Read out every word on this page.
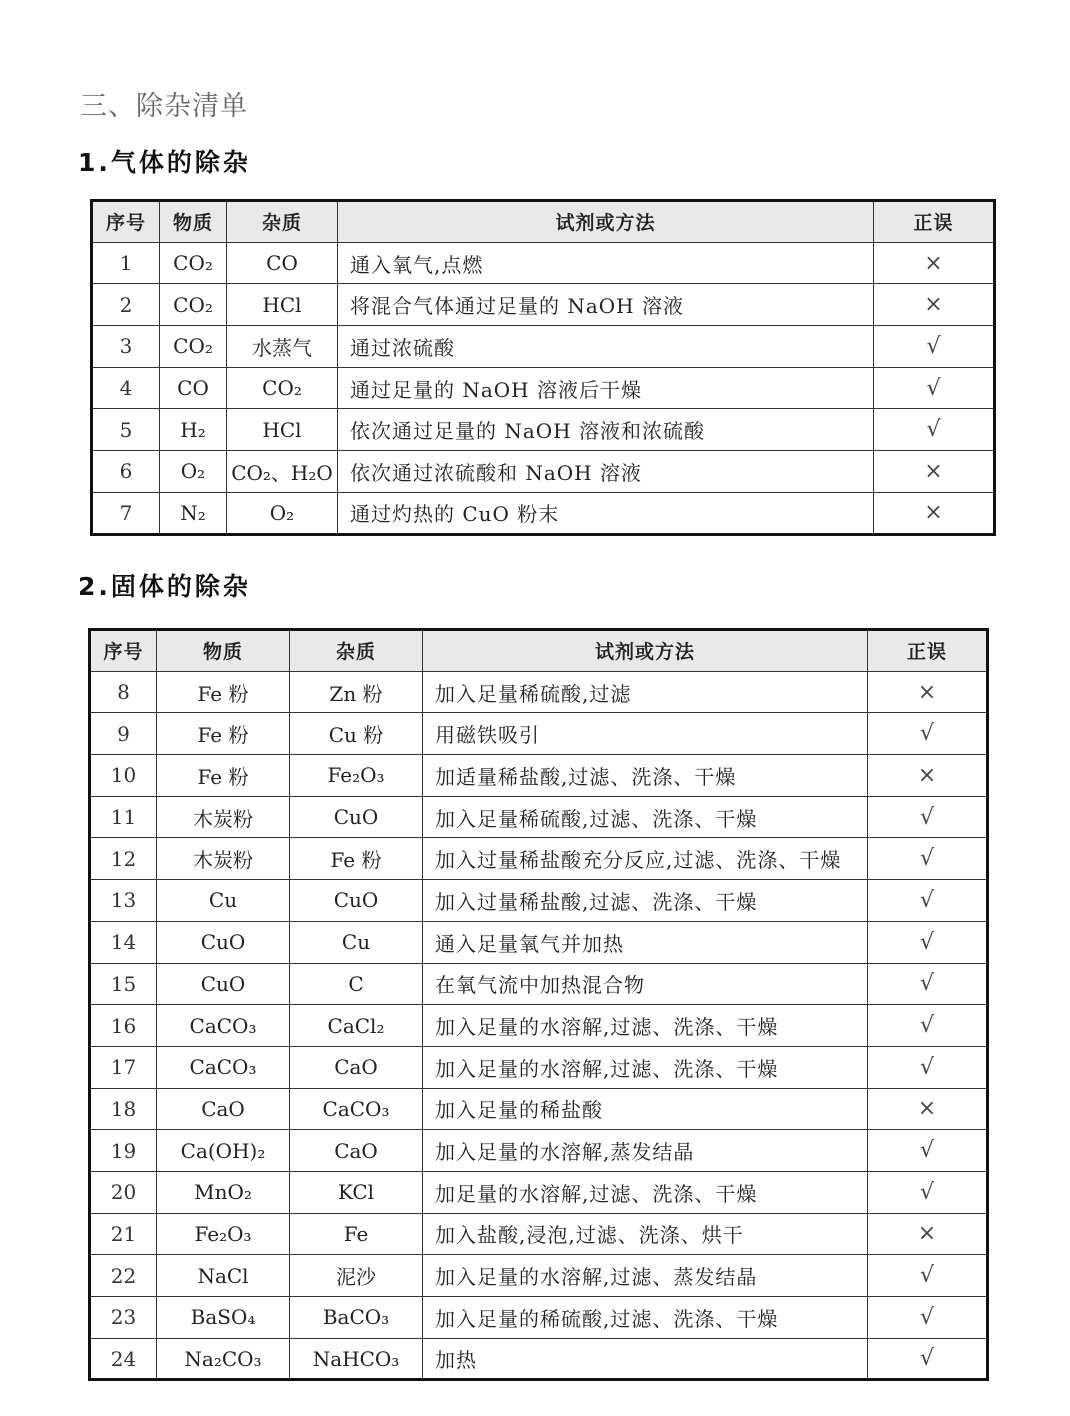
三、除杂清单
1.气体的除杂
序号	物质	杂质	试剂或方法	正误
1	CO₂	CO	通入氧气,点燃	×
2	CO₂	HCl	将混合气体通过足量的 NaOH 溶液	×
3	CO₂	水蒸气	通过浓硫酸	√
4	CO	CO₂	通过足量的 NaOH 溶液后干燥	√
5	H₂	HCl	依次通过足量的 NaOH 溶液和浓硫酸	√
6	O₂	CO₂、H₂O	依次通过浓硫酸和 NaOH 溶液	×
7	N₂	O₂	通过灼热的 CuO 粉末	×
2.固体的除杂
序号	物质	杂质	试剂或方法	正误
8	Fe 粉	Zn 粉	加入足量稀硫酸,过滤	×
9	Fe 粉	Cu 粉	用磁铁吸引	√
10	Fe 粉	Fe₂O₃	加适量稀盐酸,过滤、洗涤、干燥	×
11	木炭粉	CuO	加入足量稀硫酸,过滤、洗涤、干燥	√
12	木炭粉	Fe 粉	加入过量稀盐酸充分反应,过滤、洗涤、干燥	√
13	Cu	CuO	加入过量稀盐酸,过滤、洗涤、干燥	√
14	CuO	Cu	通入足量氧气并加热	√
15	CuO	C	在氧气流中加热混合物	√
16	CaCO₃	CaCl₂	加入足量的水溶解,过滤、洗涤、干燥	√
17	CaCO₃	CaO	加入足量的水溶解,过滤、洗涤、干燥	√
18	CaO	CaCO₃	加入足量的稀盐酸	×
19	Ca(OH)₂	CaO	加入足量的水溶解,蒸发结晶	√
20	MnO₂	KCl	加足量的水溶解,过滤、洗涤、干燥	√
21	Fe₂O₃	Fe	加入盐酸,浸泡,过滤、洗涤、烘干	×
22	NaCl	泥沙	加入足量的水溶解,过滤、蒸发结晶	√
23	BaSO₄	BaCO₃	加入足量的稀硫酸,过滤、洗涤、干燥	√
24	Na₂CO₃	NaHCO₃	加热	√
